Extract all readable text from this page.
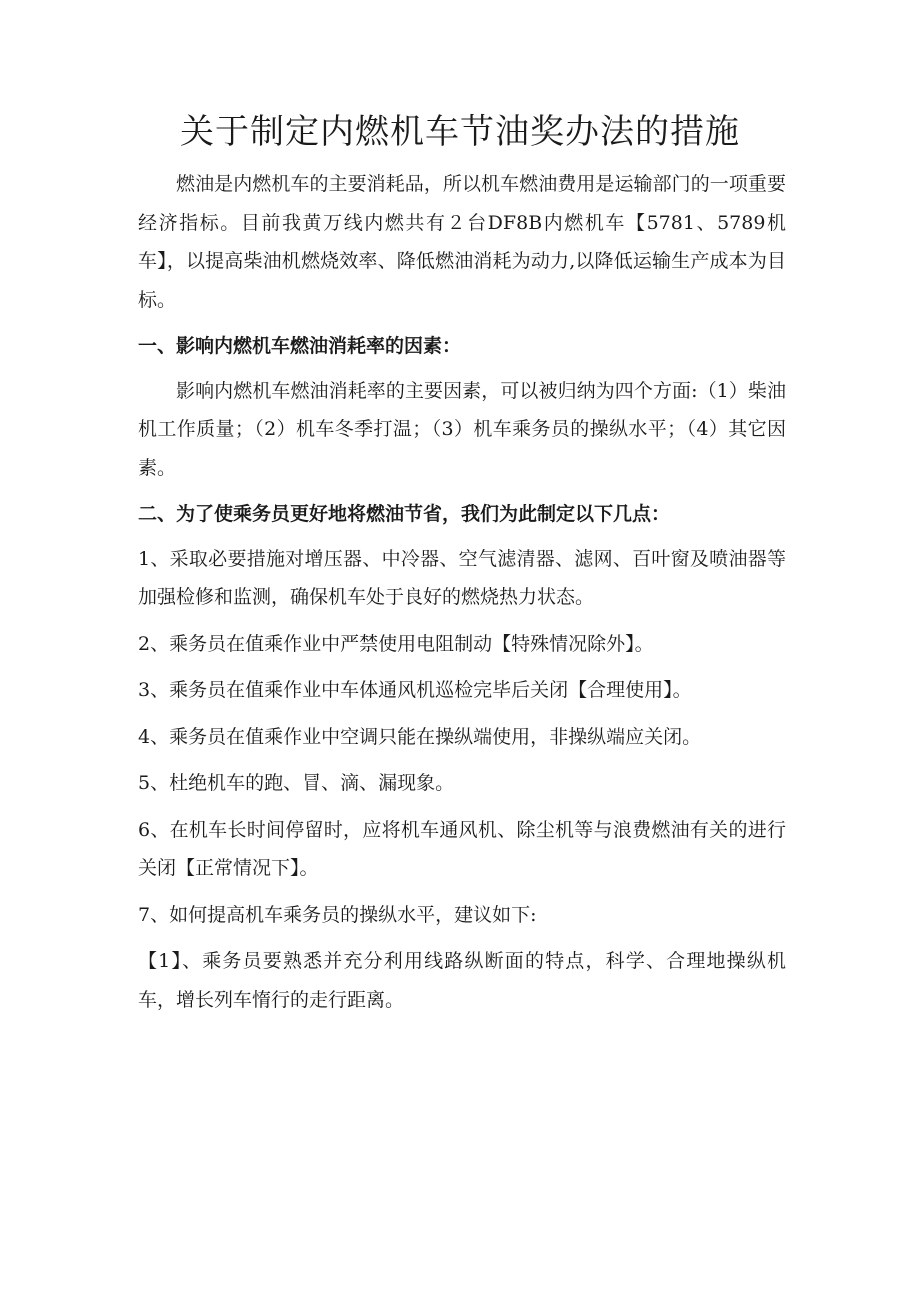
关于制定内燃机车节油奖办法的措施

燃油是内燃机车的主要消耗品，所以机车燃油费用是运输部门的一项重要经济指标。目前我黄万线内燃共有２台DF8B内燃机车【5781、5789机车】，以提高柴油机燃烧效率、降低燃油消耗为动力,以降低运输生产成本为目标。

一、影响内燃机车燃油消耗率的因素：

影响内燃机车燃油消耗率的主要因素，可以被归纳为四个方面:（1）柴油机工作质量；（2）机车冬季打温；（3）机车乘务员的操纵水平；（4）其它因素。

二、为了使乘务员更好地将燃油节省，我们为此制定以下几点：

1、采取必要措施对增压器、中冷器、空气滤清器、滤网、百叶窗及喷油器等加强检修和监测，确保机车处于良好的燃烧热力状态。

2、乘务员在值乘作业中严禁使用电阻制动【特殊情况除外】。

3、乘务员在值乘作业中车体通风机巡检完毕后关闭【合理使用】。

4、乘务员在值乘作业中空调只能在操纵端使用，非操纵端应关闭。

5、杜绝机车的跑、冒、滴、漏现象。

6、在机车长时间停留时，应将机车通风机、除尘机等与浪费燃油有关的进行关闭【正常情况下】。

7、如何提高机车乘务员的操纵水平，建议如下:

【1】、乘务员要熟悉并充分利用线路纵断面的特点，科学、合理地操纵机车，增长列车惰行的走行距离。
